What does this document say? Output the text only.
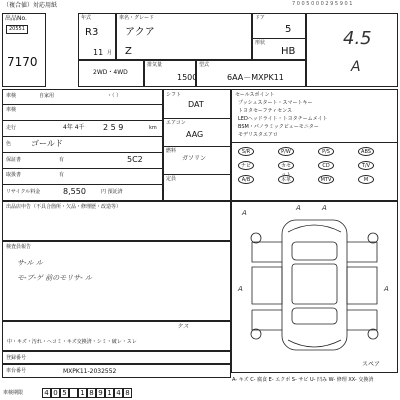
（複合値）対応用紙	7 0 0 5 0 0 0 2 9 5 9 0 1
出品No.
20551
7170
年式
R3
11 月
車名・グレード
アクア
Z
ドア
5
形状
HB
4.5
A
2WD・4WD
排気量
1500
型式
6AA－MXPK11
車検	自家用	・（ ）
車検
走行	4年 4千 2 5 9	km
色 ゴールド
保証書	有	5C2
取扱書	有
リサイクル料金	8,550	円 預託済
シフト
DAT
エアコン
AAG
燃料
ガソリン
定員
セールスポイント
プッシュスタート・スマートキー
トヨタセーフティセンス
LEDヘッドライト・トヨタチームメイト
BSM・パノラミックビューモニター
モデリスタエアロ
S/R	P/W	P/S	ABS
ナビ	カセット
CD	T/V
A/B	本革	MTV	M
出品店申告（不具合箇所・欠品・修理歴・改造等）
検査員報告
サ-ル ル
モ-ブ-ゲ 前のモリサ- ル
ケス
中・キズ・汚れ・ヘコミ・キズ交換済・シミ・破レ・スレ
A
A	A
A	A
スペア
登録番号
車台番号	MXPK11-2032552
A- キズ C- 腐食 E- エクボ S- サビ U- 凹み W- 修理 XX- 交換済
車検期限	4 0 5	1 8 9 1 4 8
